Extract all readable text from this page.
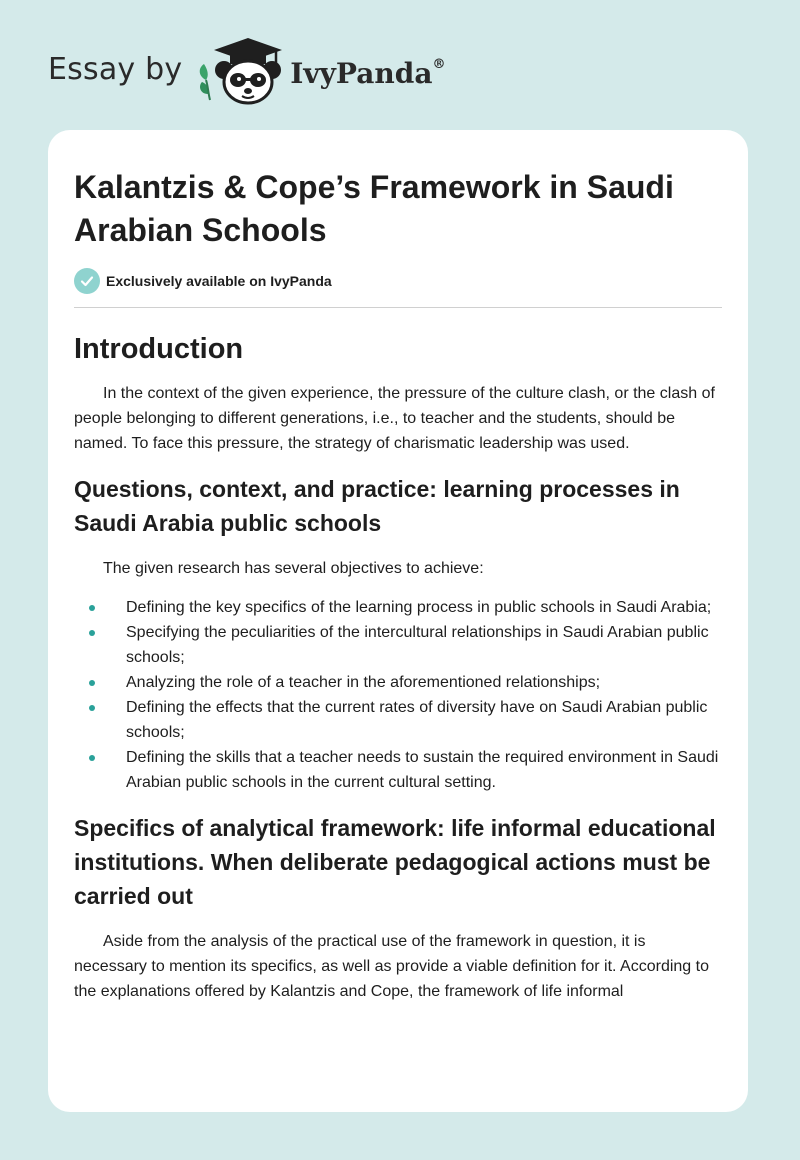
Essay by	IvyPanda®
Kalantzis & Cope’s Framework in Saudi Arabian Schools
Exclusively available on IvyPanda
Introduction

In the context of the given experience, the pressure of the culture clash, or the clash of people belonging to different generations, i.e., to teacher and the students, should be named. To face this pressure, the strategy of charismatic leadership was used.

Questions, context, and practice: learning processes in Saudi Arabia public schools

The given research has several objectives to achieve:

Defining the key specifics of the learning process in public schools in Saudi Arabia;
Specifying the peculiarities of the intercultural relationships in Saudi Arabian public schools;
Analyzing the role of a teacher in the aforementioned relationships;
Defining the effects that the current rates of diversity have on Saudi Arabian public schools;
Defining the skills that a teacher needs to sustain the required environment in Saudi Arabian public schools in the current cultural setting.
Specifics of analytical framework: life informal educational institutions. When deliberate pedagogical actions must be carried out

Aside from the analysis of the practical use of the framework in question, it is necessary to mention its specifics, as well as provide a viable definition for it. According to the explanations offered by Kalantzis and Cope, the framework of life informal
